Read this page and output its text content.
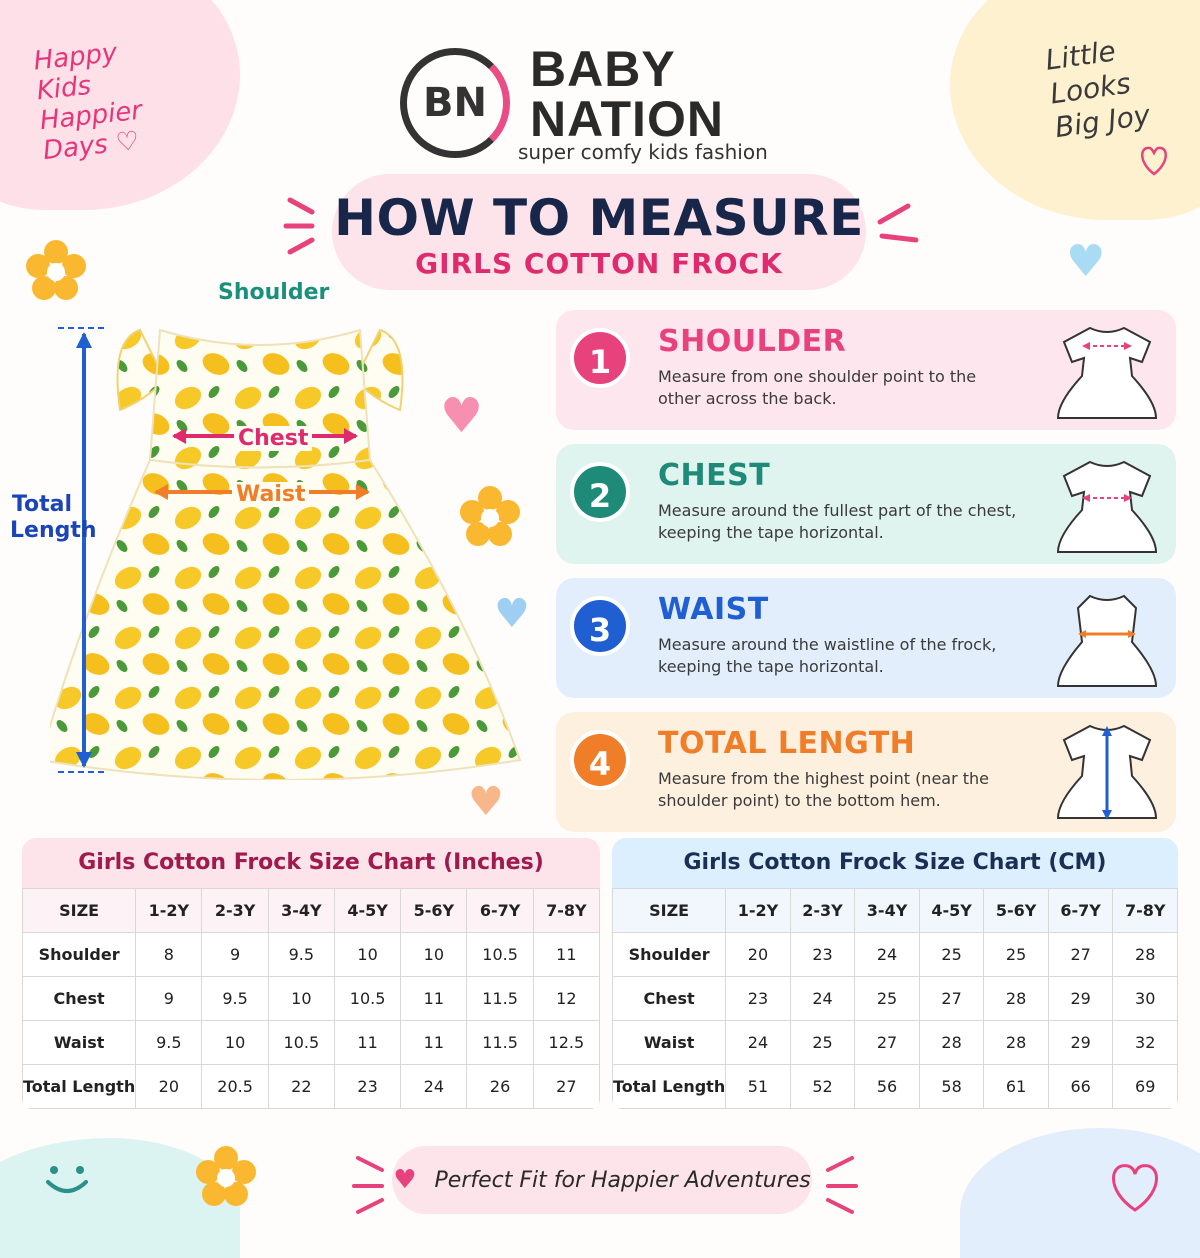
Happy
Kids
Happier
Days ♡
Little
Looks
Big Joy
BN
BABY
NATION
super comfy kids fashion
HOW TO MEASURE
GIRLS COTTON FROCK
Shoulder
Chest
Waist
Total
Length
1
SHOULDER
Measure from one shoulder point to the other across the back.
2
CHEST
Measure around the fullest part of the chest, keeping the tape horizontal.
3
WAIST
Measure around the waistline of the frock, keeping the tape horizontal.
4
TOTAL LENGTH
Measure from the highest point (near the shoulder point) to the bottom hem.
Girls Cotton Frock Size Chart (Inches)
SIZE	1-2Y	2-3Y	3-4Y	4-5Y	5-6Y	6-7Y	7-8Y
Shoulder	8	9	9.5	10	10	10.5	11
Chest	9	9.5	10	10.5	11	11.5	12
Waist	9.5	10	10.5	11	11	11.5	12.5
Total Length	20	20.5	22	23	24	26	27
Girls Cotton Frock Size Chart (CM)
SIZE	1-2Y	2-3Y	3-4Y	4-5Y	5-6Y	6-7Y	7-8Y
Shoulder	20	23	24	25	25	27	28
Chest	23	24	25	27	28	29	30
Waist	24	25	27	28	28	29	32
Total Length	51	52	56	58	61	66	69
♥ Perfect Fit for Happier Adventures
♥
♥
♥
♥
